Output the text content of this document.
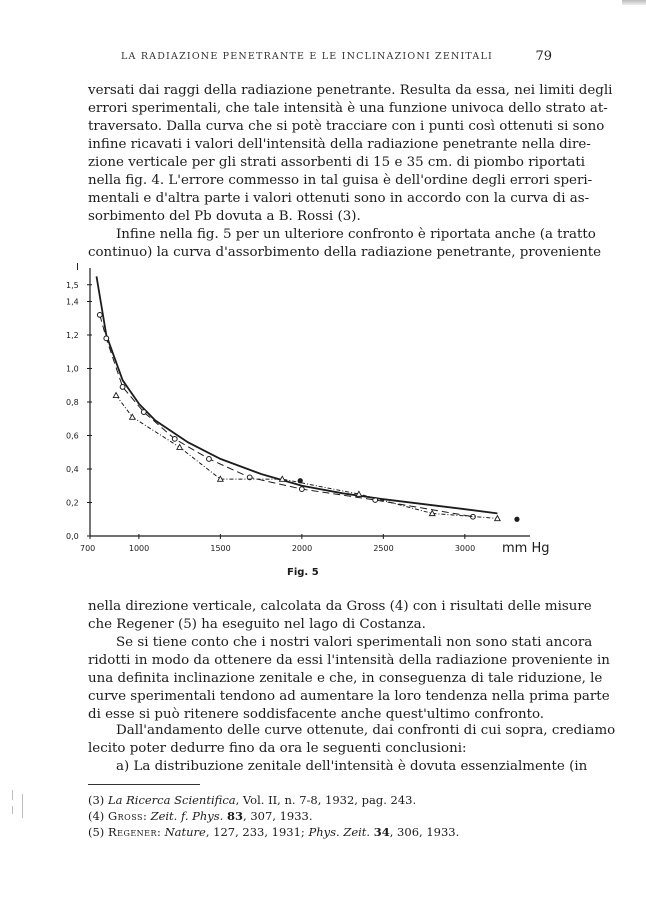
LA RADIAZIONE PENETRANTE E LE INCLINAZIONI ZENITALI	79
versati dai raggi della radiazione penetrante. Resulta da essa, nei limiti degli
errori sperimentali, che tale intensità è una funzione univoca dello strato at-
traversato. Dalla curva che si potè tracciare con i punti così ottenuti si sono
infine ricavati i valori dell'intensità della radiazione penetrante nella dire-
zione verticale per gli strati assorbenti di 15 e 35 cm. di piombo riportati
nella fig. 4. L'errore commesso in tal guisa è dell'ordine degli errori speri-
mentali e d'altra parte i valori ottenuti sono in accordo con la curva di as-
sorbimento del Pb dovuta a B. Rossi (3).
Infine nella fig. 5 per un ulteriore confronto è riportata anche (a tratto
continuo) la curva d'assorbimento della radiazione penetrante, proveniente
0,0
0,2
0,4
0,6
0,8
1,0
1,2
1,4
1,5
I
700	1000	1500	2000	2500	3000 mm Hg
Fig. 5
nella direzione verticale, calcolata da Gross (4) con i risultati delle misure
che Regener (5) ha eseguito nel lago di Costanza.
Se si tiene conto che i nostri valori sperimentali non sono stati ancora
ridotti in modo da ottenere da essi l'intensità della radiazione proveniente in
una definita inclinazione zenitale e che, in conseguenza di tale riduzione, le
curve sperimentali tendono ad aumentare la loro tendenza nella prima parte
di esse si può ritenere soddisfacente anche quest'ultimo confronto.
Dall'andamento delle curve ottenute, dai confronti di cui sopra, crediamo
lecito poter dedurre fino da ora le seguenti conclusioni:
a) La distribuzione zenitale dell'intensità è dovuta essenzialmente (in
(3) La Ricerca Scientifica, Vol. II, n. 7-8, 1932, pag. 243.
(4) Gross: Zeit. f. Phys. 83, 307, 1933.
(5) Regener: Nature, 127, 233, 1931; Phys. Zeit. 34, 306, 1933.
